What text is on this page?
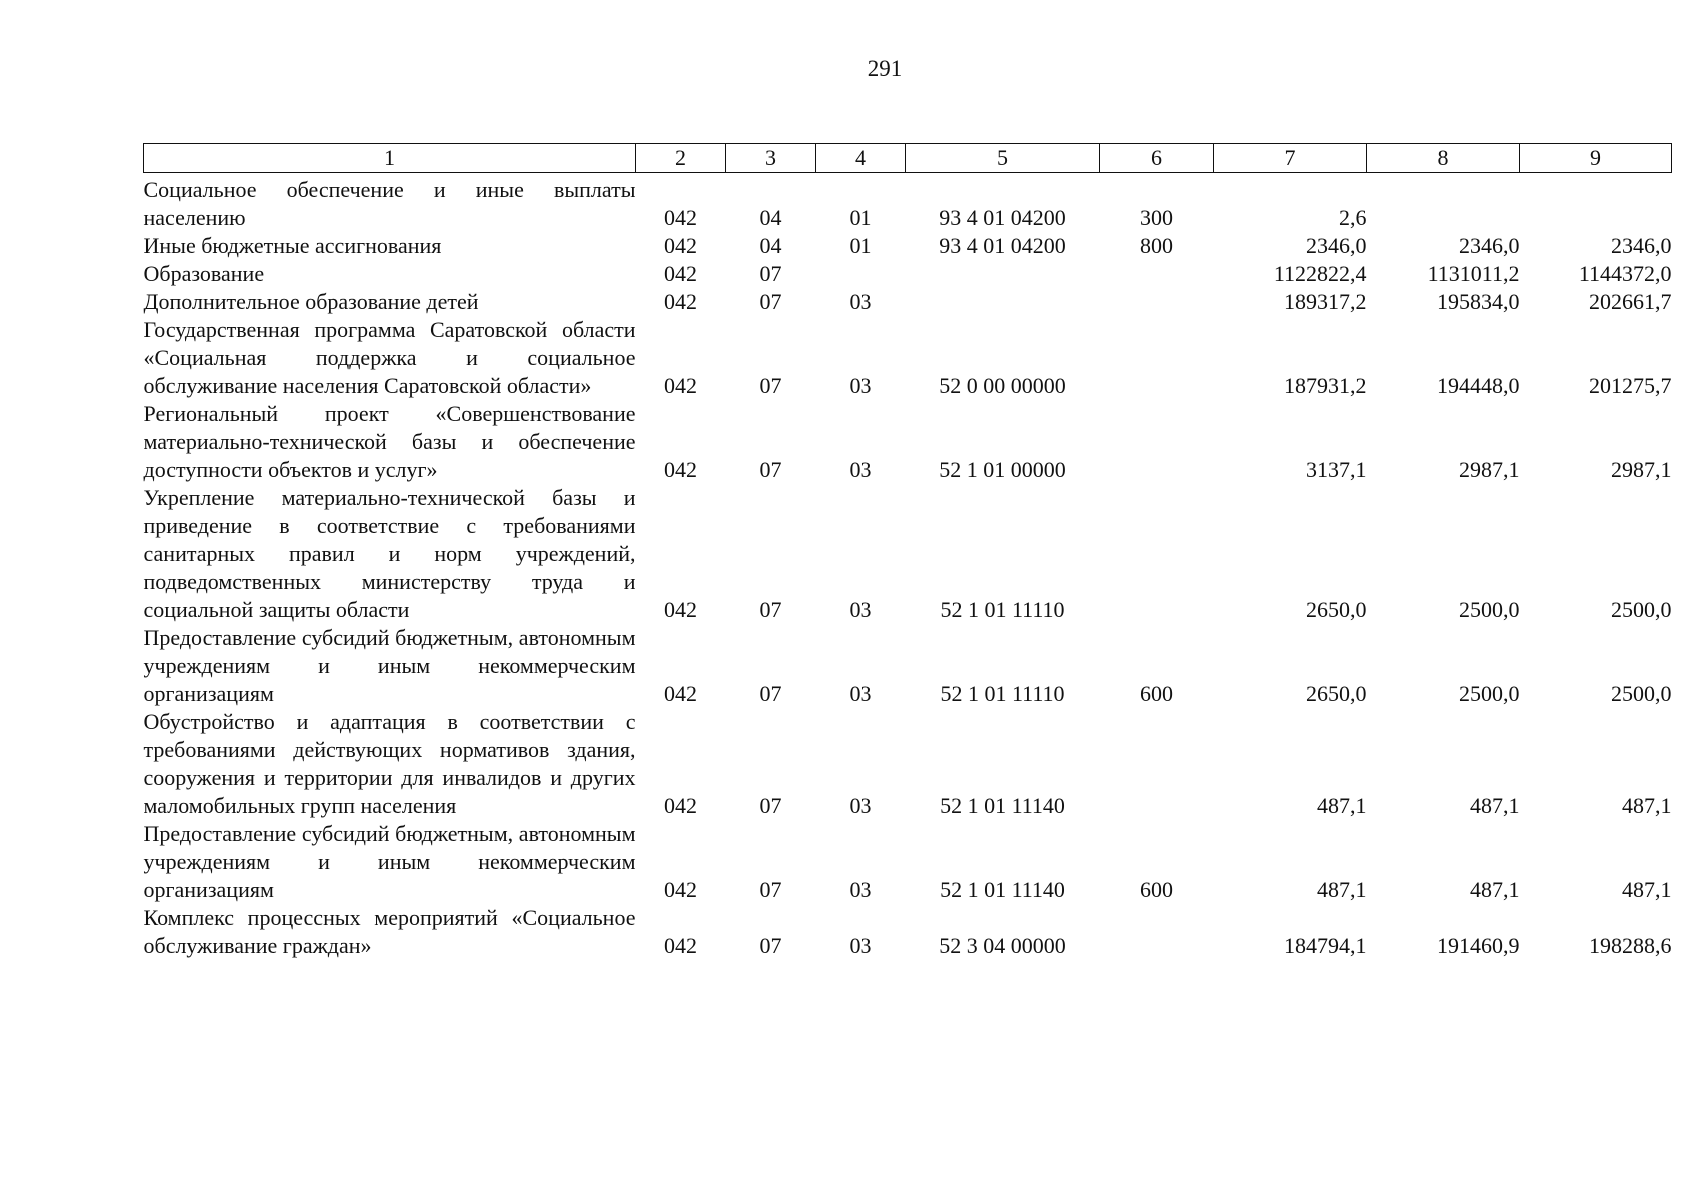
291
1	2	3	4	5	6	7	8	9

Социальное обеспечение и иные выплаты населению	042	04	01	93 4 01 04200	300	2,6		
Иные бюджетные ассигнования	042	04	01	93 4 01 04200	800	2346,0	2346,0	2346,0
Образование	042	07				1122822,4	1131011,2	1144372,0
Дополнительное образование детей	042	07	03			189317,2	195834,0	202661,7
Государственная программа Саратовской области «Социальная поддержка и социальное обслуживание населения Саратовской области»	042	07	03	52 0 00 00000		187931,2	194448,0	201275,7
Региональный проект «Совершенствование материально-технической базы и обеспечение доступности объектов и услуг»	042	07	03	52 1 01 00000		3137,1	2987,1	2987,1
Укрепление материально-технической базы и приведение в соответствие с требованиями санитарных правил и норм учреждений, подведомственных министерству труда и социальной защиты области	042	07	03	52 1 01 11110		2650,0	2500,0	2500,0
Предоставление субсидий бюджетным, автономным учреждениям и иным некоммерческим организациям	042	07	03	52 1 01 11110	600	2650,0	2500,0	2500,0
Обустройство и адаптация в соответствии с требованиями действующих нормативов здания, сооружения и территории для инвалидов и других маломобильных групп населения	042	07	03	52 1 01 11140		487,1	487,1	487,1
Предоставление субсидий бюджетным, автономным учреждениям и иным некоммерческим организациям	042	07	03	52 1 01 11140	600	487,1	487,1	487,1
Комплекс процессных мероприятий «Социальное обслуживание граждан»	042	07	03	52 3 04 00000		184794,1	191460,9	198288,6
